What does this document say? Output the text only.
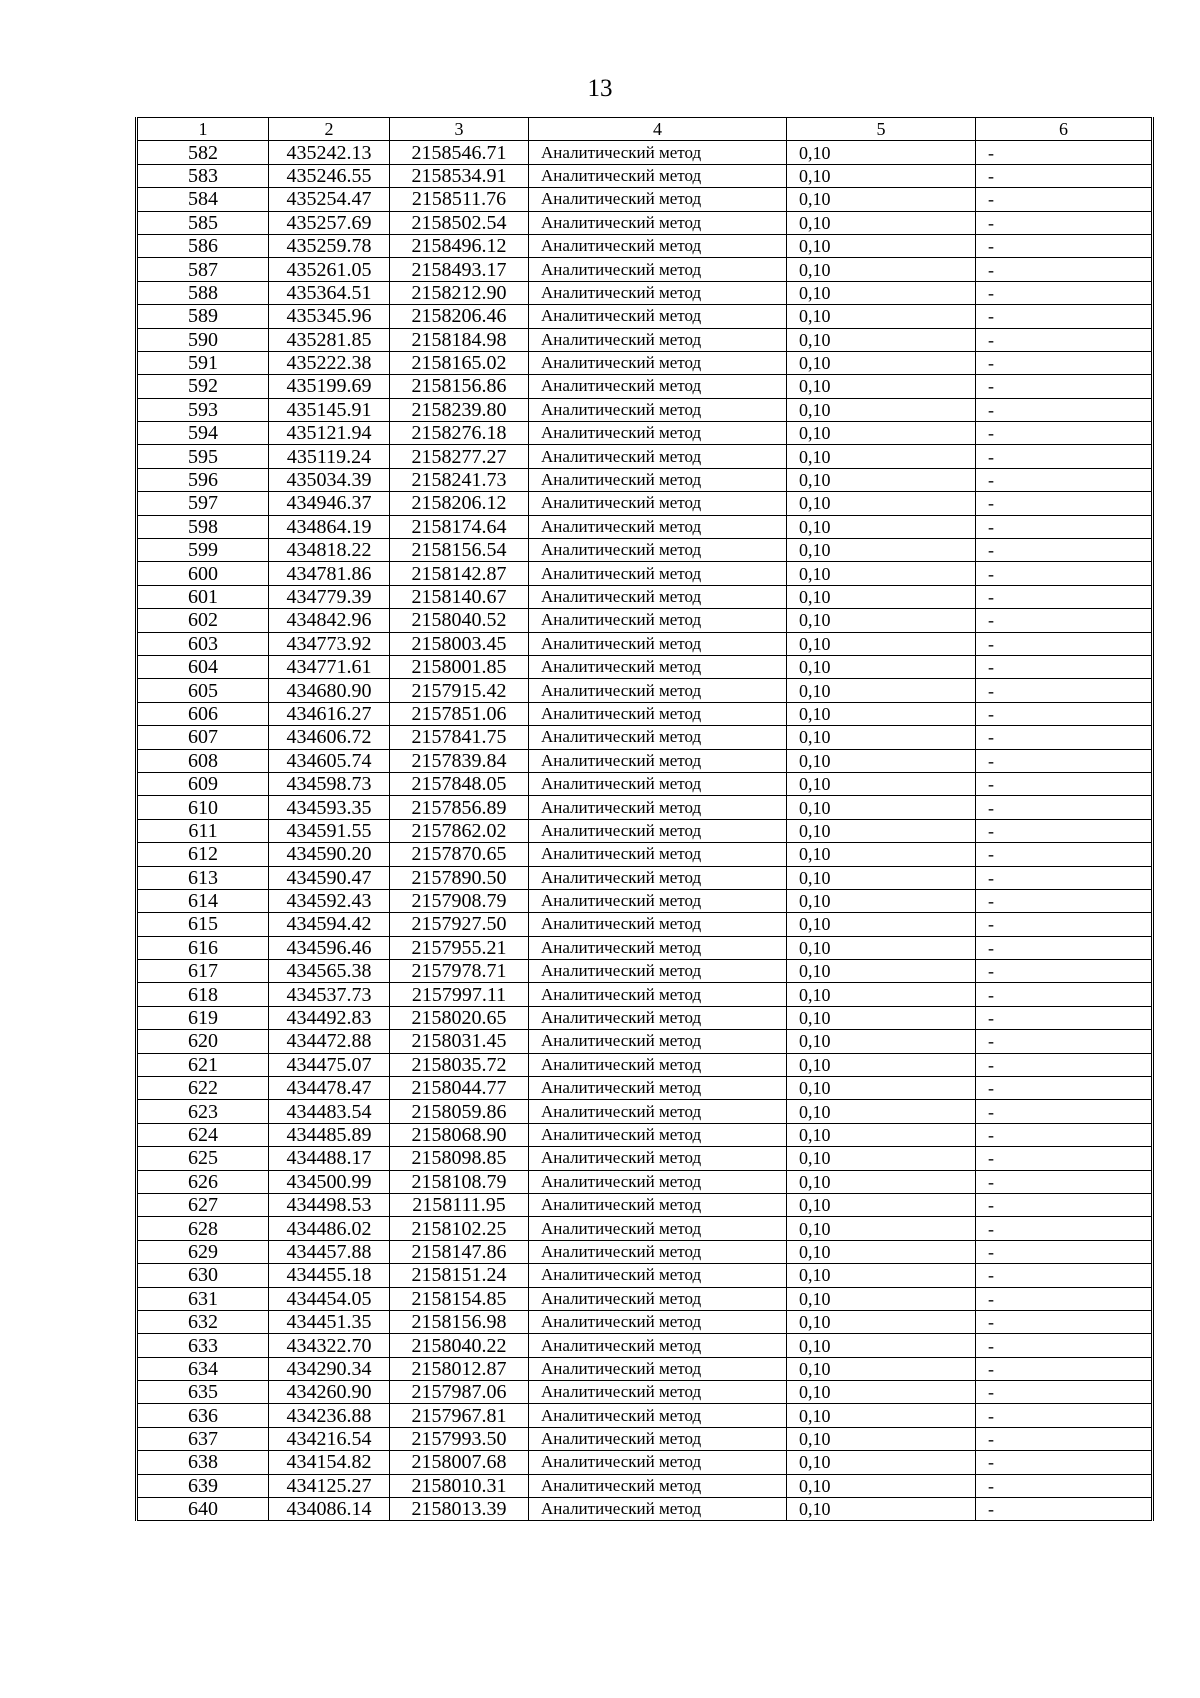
13
1	2	3	4	5	6
582	435242.13	2158546.71	Аналитический метод	0,10	-
583	435246.55	2158534.91	Аналитический метод	0,10	-
584	435254.47	2158511.76	Аналитический метод	0,10	-
585	435257.69	2158502.54	Аналитический метод	0,10	-
586	435259.78	2158496.12	Аналитический метод	0,10	-
587	435261.05	2158493.17	Аналитический метод	0,10	-
588	435364.51	2158212.90	Аналитический метод	0,10	-
589	435345.96	2158206.46	Аналитический метод	0,10	-
590	435281.85	2158184.98	Аналитический метод	0,10	-
591	435222.38	2158165.02	Аналитический метод	0,10	-
592	435199.69	2158156.86	Аналитический метод	0,10	-
593	435145.91	2158239.80	Аналитический метод	0,10	-
594	435121.94	2158276.18	Аналитический метод	0,10	-
595	435119.24	2158277.27	Аналитический метод	0,10	-
596	435034.39	2158241.73	Аналитический метод	0,10	-
597	434946.37	2158206.12	Аналитический метод	0,10	-
598	434864.19	2158174.64	Аналитический метод	0,10	-
599	434818.22	2158156.54	Аналитический метод	0,10	-
600	434781.86	2158142.87	Аналитический метод	0,10	-
601	434779.39	2158140.67	Аналитический метод	0,10	-
602	434842.96	2158040.52	Аналитический метод	0,10	-
603	434773.92	2158003.45	Аналитический метод	0,10	-
604	434771.61	2158001.85	Аналитический метод	0,10	-
605	434680.90	2157915.42	Аналитический метод	0,10	-
606	434616.27	2157851.06	Аналитический метод	0,10	-
607	434606.72	2157841.75	Аналитический метод	0,10	-
608	434605.74	2157839.84	Аналитический метод	0,10	-
609	434598.73	2157848.05	Аналитический метод	0,10	-
610	434593.35	2157856.89	Аналитический метод	0,10	-
611	434591.55	2157862.02	Аналитический метод	0,10	-
612	434590.20	2157870.65	Аналитический метод	0,10	-
613	434590.47	2157890.50	Аналитический метод	0,10	-
614	434592.43	2157908.79	Аналитический метод	0,10	-
615	434594.42	2157927.50	Аналитический метод	0,10	-
616	434596.46	2157955.21	Аналитический метод	0,10	-
617	434565.38	2157978.71	Аналитический метод	0,10	-
618	434537.73	2157997.11	Аналитический метод	0,10	-
619	434492.83	2158020.65	Аналитический метод	0,10	-
620	434472.88	2158031.45	Аналитический метод	0,10	-
621	434475.07	2158035.72	Аналитический метод	0,10	-
622	434478.47	2158044.77	Аналитический метод	0,10	-
623	434483.54	2158059.86	Аналитический метод	0,10	-
624	434485.89	2158068.90	Аналитический метод	0,10	-
625	434488.17	2158098.85	Аналитический метод	0,10	-
626	434500.99	2158108.79	Аналитический метод	0,10	-
627	434498.53	2158111.95	Аналитический метод	0,10	-
628	434486.02	2158102.25	Аналитический метод	0,10	-
629	434457.88	2158147.86	Аналитический метод	0,10	-
630	434455.18	2158151.24	Аналитический метод	0,10	-
631	434454.05	2158154.85	Аналитический метод	0,10	-
632	434451.35	2158156.98	Аналитический метод	0,10	-
633	434322.70	2158040.22	Аналитический метод	0,10	-
634	434290.34	2158012.87	Аналитический метод	0,10	-
635	434260.90	2157987.06	Аналитический метод	0,10	-
636	434236.88	2157967.81	Аналитический метод	0,10	-
637	434216.54	2157993.50	Аналитический метод	0,10	-
638	434154.82	2158007.68	Аналитический метод	0,10	-
639	434125.27	2158010.31	Аналитический метод	0,10	-
640	434086.14	2158013.39	Аналитический метод	0,10	-
